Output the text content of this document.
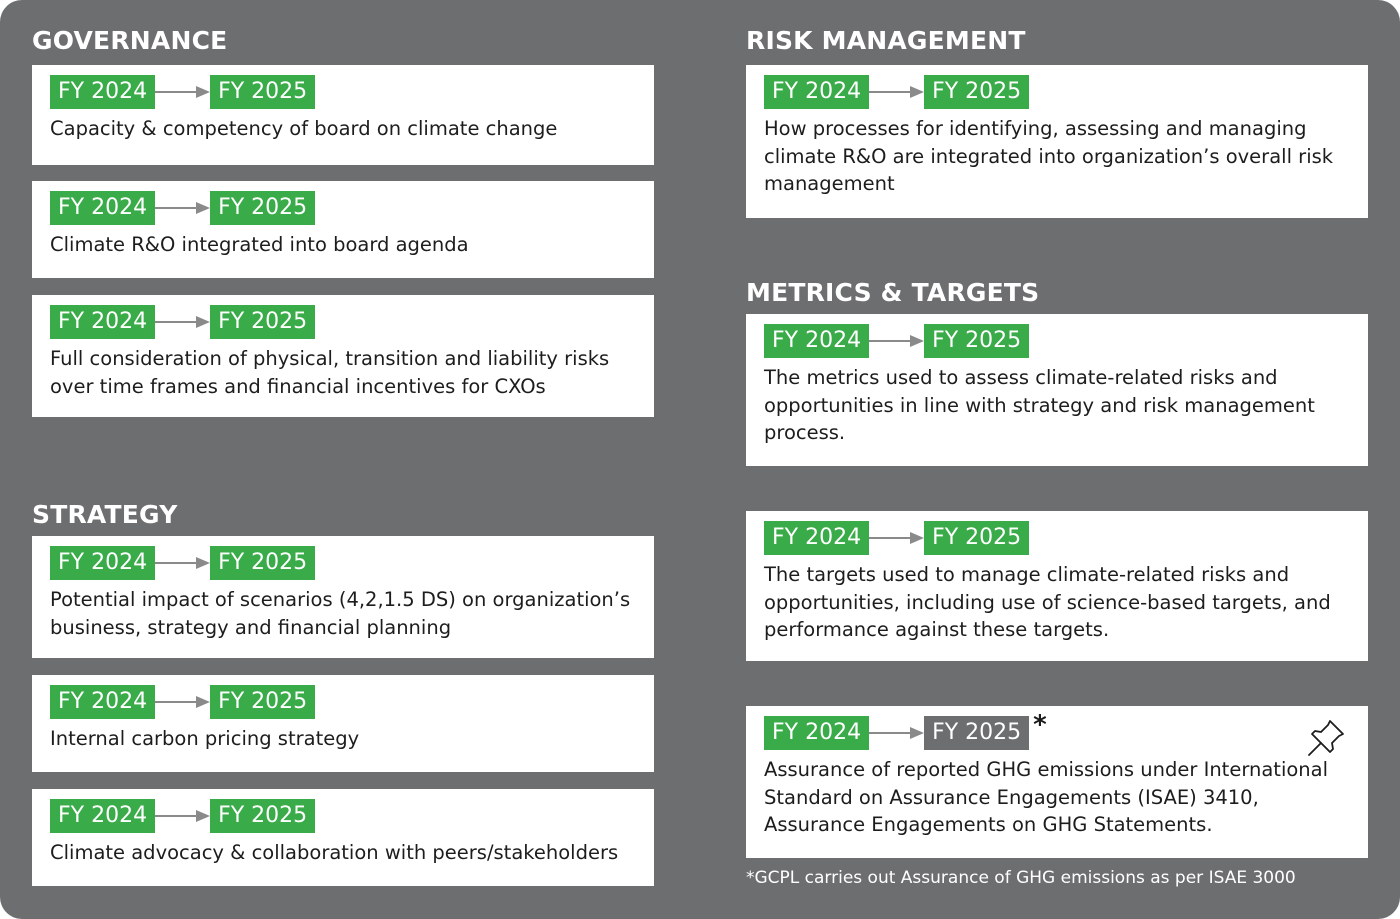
GOVERNANCE
FY 2024	FY 2025
Capacity & competency of board on climate change
FY 2024	FY 2025
Climate R&O integrated into board agenda
FY 2024	FY 2025
Full consideration of physical, transition and liability risks over time frames and financial incentives for CXOs
STRATEGY
FY 2024	FY 2025
Potential impact of scenarios (4,2,1.5 DS) on organization’s business, strategy and financial planning
FY 2024	FY 2025
Internal carbon pricing strategy
FY 2024	FY 2025
Climate advocacy & collaboration with peers/stakeholders
RISK MANAGEMENT
FY 2024	FY 2025
How processes for identifying, assessing and managing climate R&O are integrated into organization’s overall risk management
METRICS & TARGETS
FY 2024	FY 2025
The metrics used to assess climate-related risks and opportunities in line with strategy and risk management process.
FY 2024	FY 2025
The targets used to manage climate-related risks and opportunities, including use of science-based targets, and performance against these targets.
FY 2024	FY 2025 *
Assurance of reported GHG emissions under International Standard on Assurance Engagements (ISAE) 3410, Assurance Engagements on GHG Statements.
*GCPL carries out Assurance of GHG emissions as per ISAE 3000
